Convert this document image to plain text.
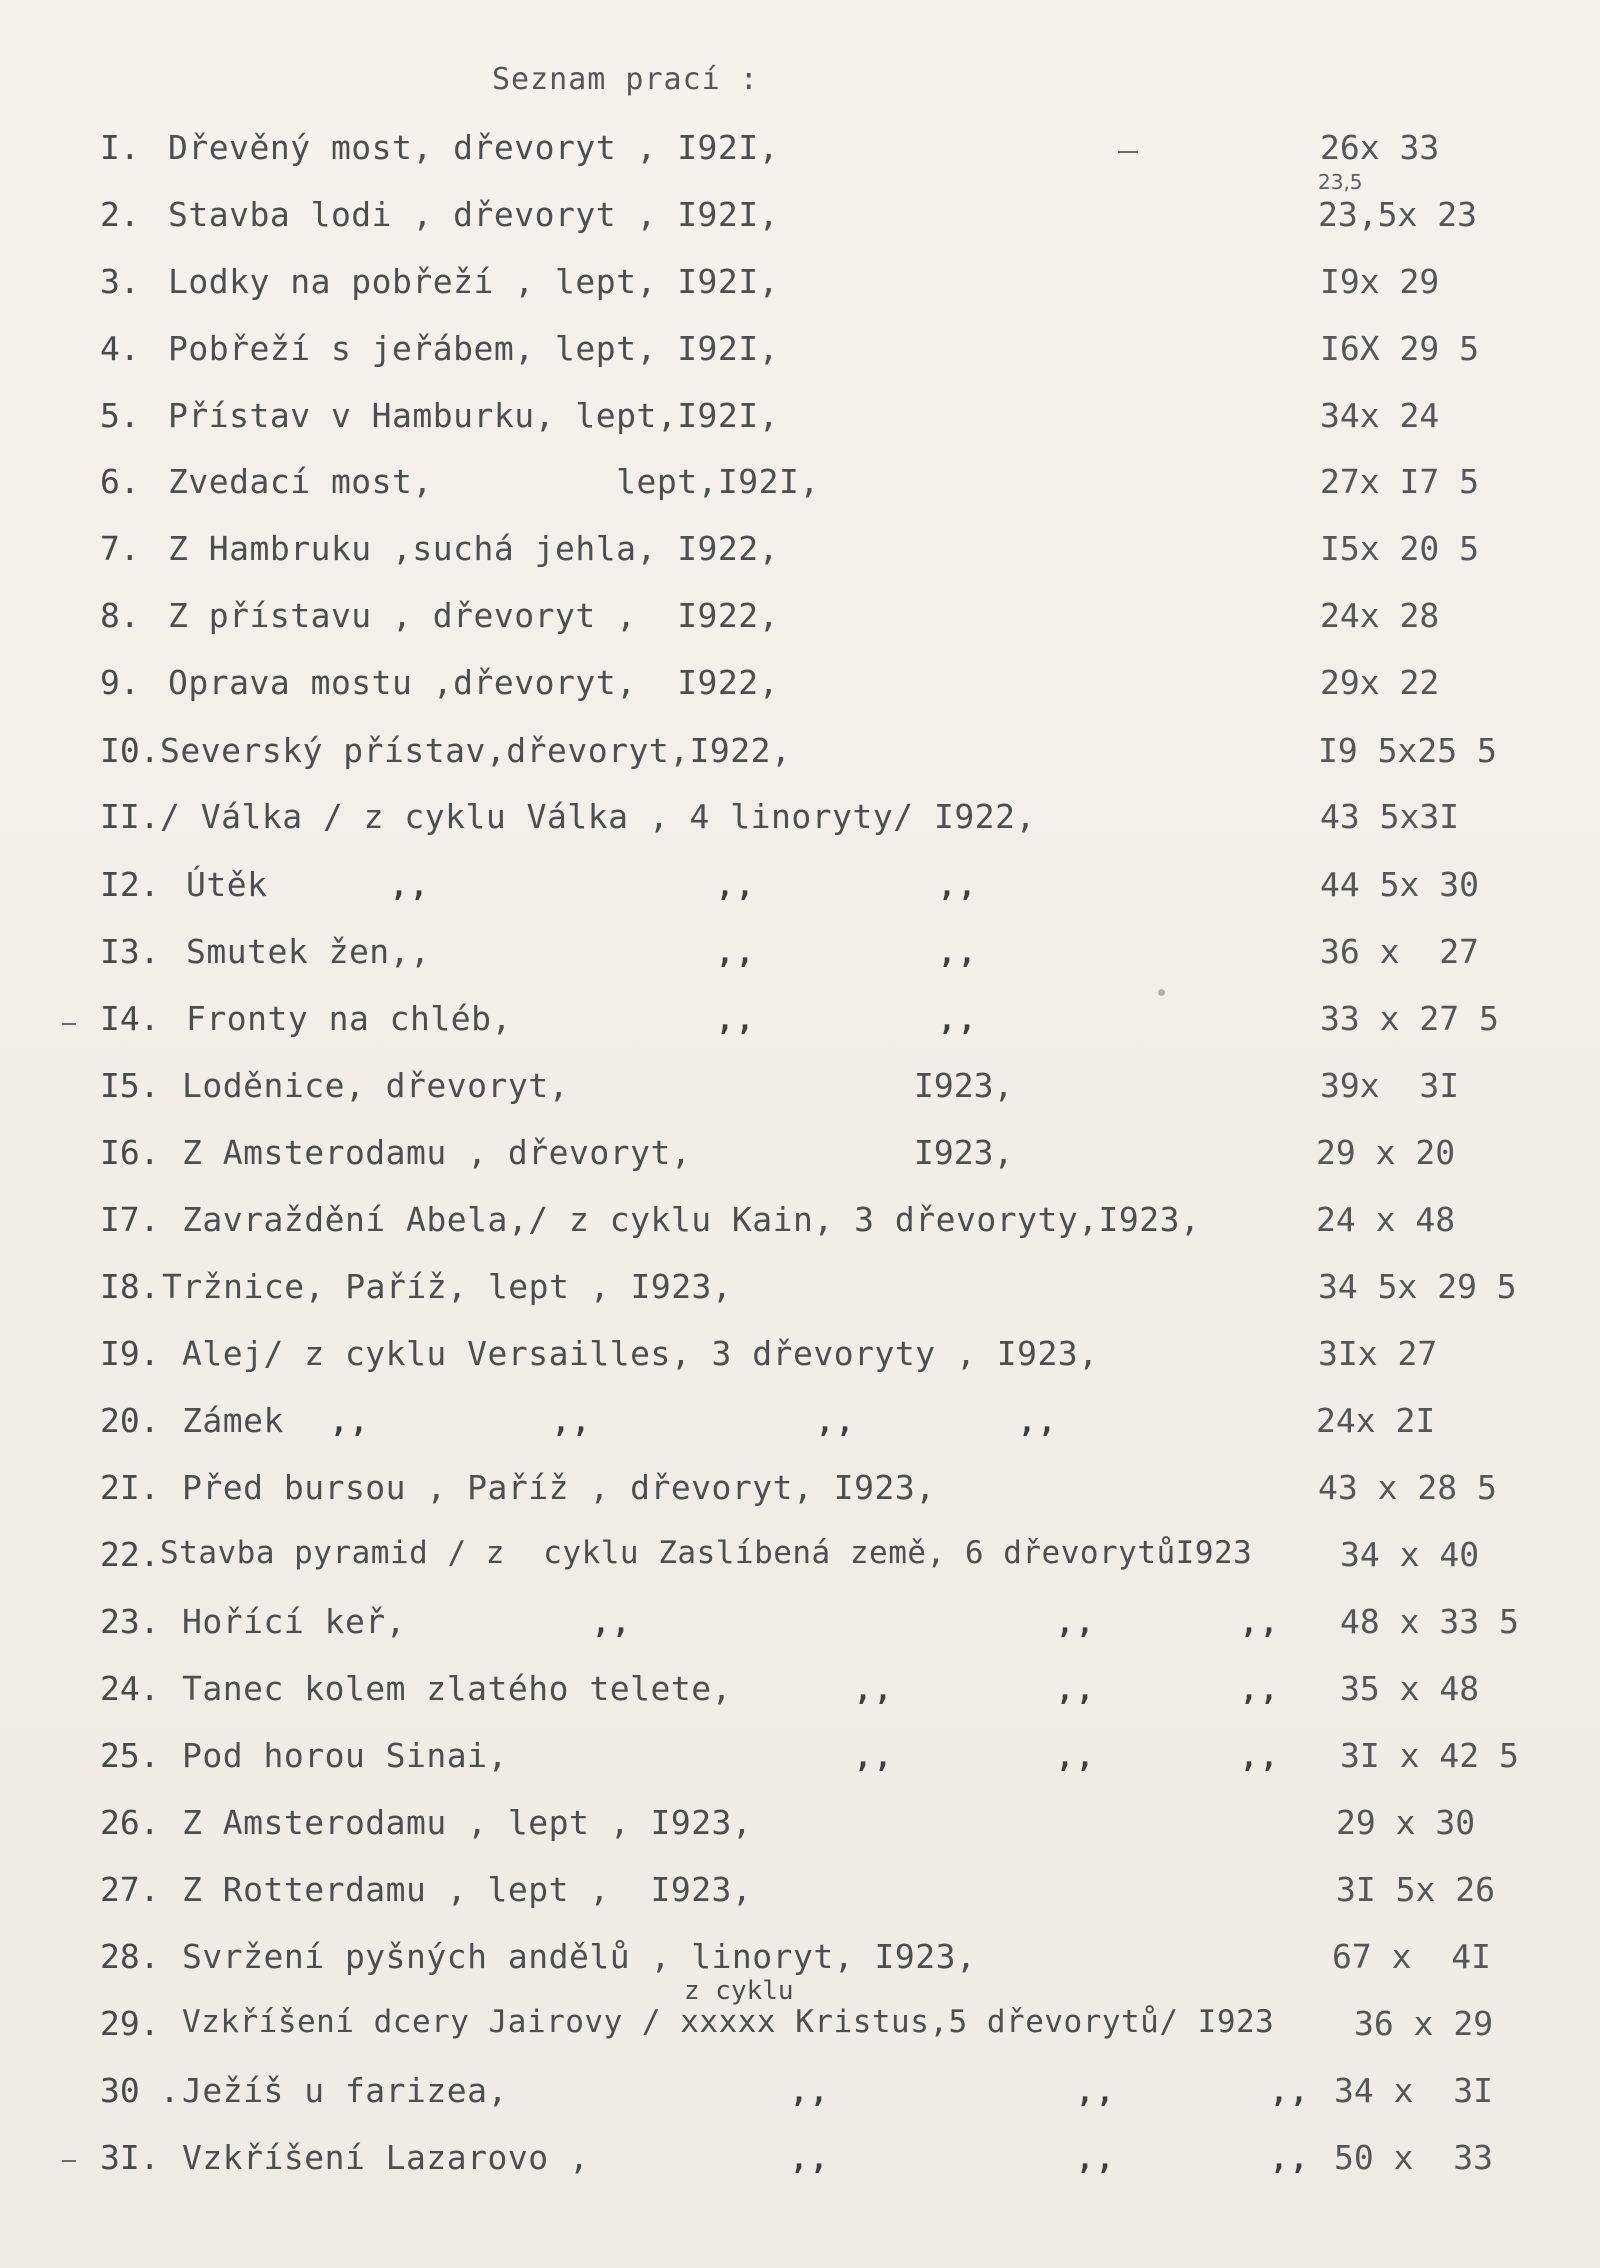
Seznam prací :
23,5
z cyklu
I. Dřevěný most, dřevoryt , I92I,	26x 33
2. Stavba lodi , dřevoryt , I92I,	23,5x 23
3. Lodky na pobřeží , lept, I92I,	I9x 29
4. Pobřeží s jeřábem, lept, I92I,	I6X 29 5
5. Přístav v Hamburku, lept,I92I,	34x 24
6. Zvedací most,         lept,I92I,	27x I7 5
7. Z Hambruku ,suchá jehla, I922,	I5x 20 5
8. Z přístavu , dřevoryt ,  I922,	24x 28
9. Oprava mostu ,dřevoryt,  I922,	29x 22
I0. Severský přístav,dřevoryt,I922,	I9 5x25 5
II. / Válka / z cyklu Válka , 4 linoryty/ I922,	43 5x3I
I2. Útěk	,,	,,	,,	44 5x 30
I3. Smutek žen,,	,,	,,	36 x  27
I4. Fronty na chléb,	,,	,,	33 x 27 5
I5. Loděnice, dřevoryt,	I923,	39x  3I
I6. Z Amsterodamu , dřevoryt,	I923,	29 x 20
I7. Zavraždění Abela,/ z cyklu Kain, 3 dřevoryty,I923,	24 x 48
I8. Tržnice, Paříž, lept , I923,	34 5x 29 5
I9. Alej/ z cyklu Versailles, 3 dřevoryty , I923,	3Ix 27
20. Zámek ,,	,,	,,	,,	24x 2I
2I. Před bursou , Paříž , dřevoryt, I923,	43 x 28 5
22. Stavba pyramid / z  cyklu Zaslíbená země, 6 dřevorytůI923	34 x 40
23. Hořící keř,	,,	,,	,, 48 x 33 5
24. Tanec kolem zlatého telete,	,,	,,	,, 35 x 48
25. Pod horou Sinai,	,,	,,	,, 3I x 42 5
26. Z Amsterodamu , lept , I923,	29 x 30
27. Z Rotterdamu , lept ,  I923,	3I 5x 26
28. Svržení pyšných andělů , linoryt, I923,	67 x  4I
29. Vzkříšení dcery Jairovy / xxxxx Kristus,5 dřevorytů/ I923 36 x 29
30 . Ježíš u farizea,	,,	,,	,, 34 x  3I
3I. Vzkříšení Lazarovo ,	,,	,,	,, 50 x  33
